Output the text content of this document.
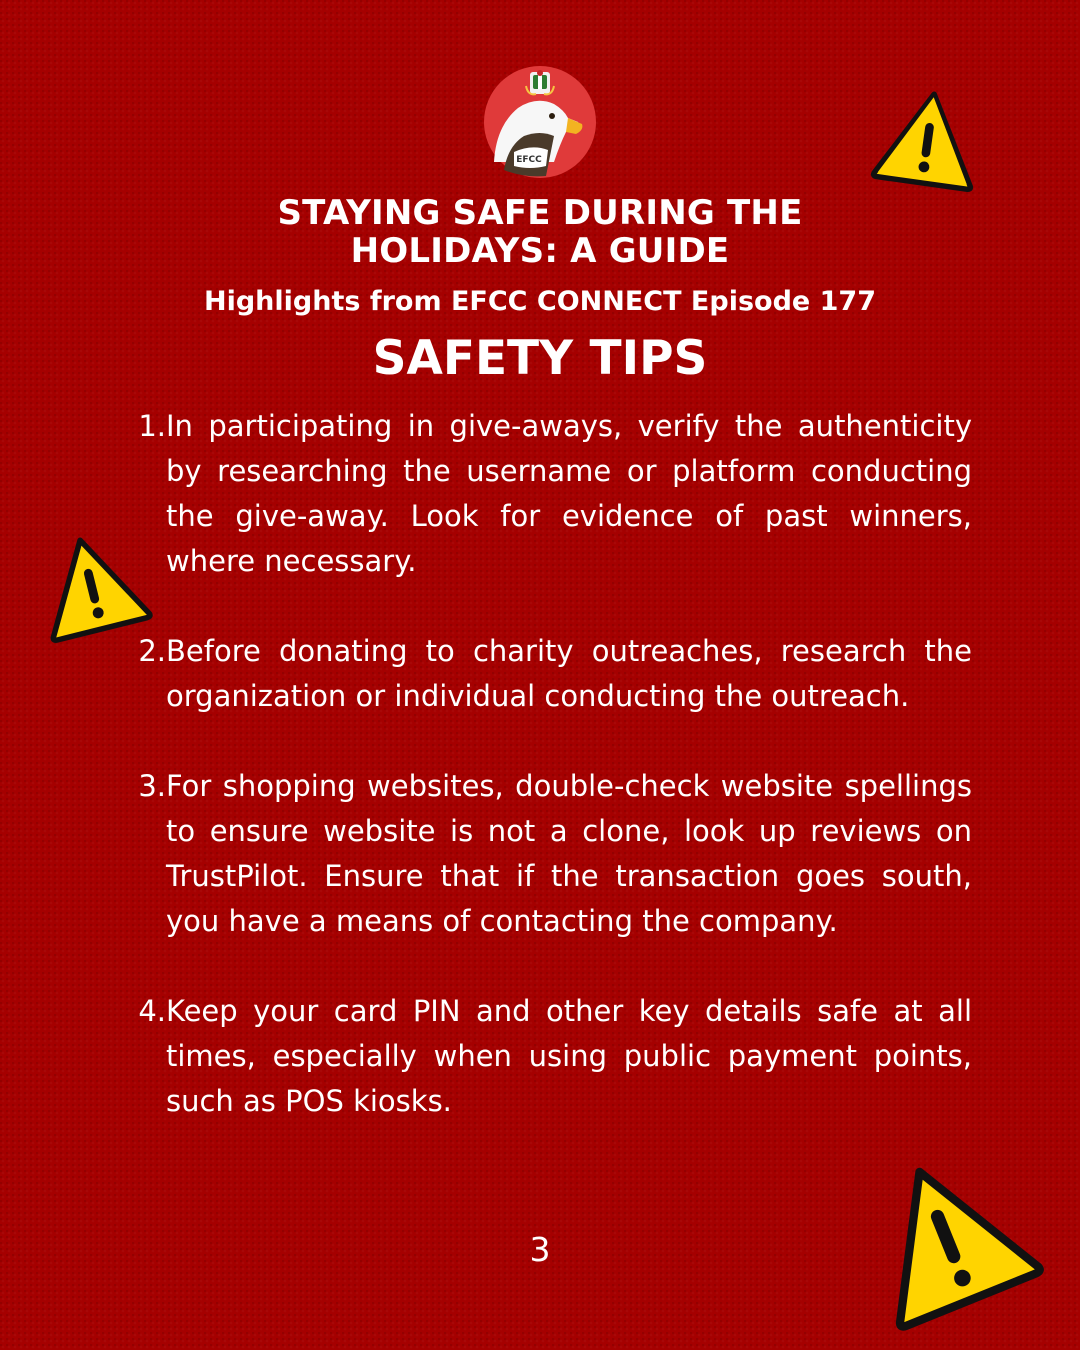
EFCC
STAYING SAFE DURING THE
HOLIDAYS: A GUIDE
Highlights from EFCC CONNECT Episode 177
SAFETY TIPS
1. In participating in give-aways, verify the authenticity by researching the username or platform conducting the give-away. Look for evidence of past winners, where necessary.
2. Before donating to charity outreaches, research the organization or individual conducting the outreach.
3. For shopping websites, double-check website spellings to ensure website is not a clone, look up reviews on TrustPilot. Ensure that if the transaction goes south, you have a means of contacting the company.
4. Keep your card PIN and other key details safe at all times, especially when using public payment points, such as POS kiosks.
3
